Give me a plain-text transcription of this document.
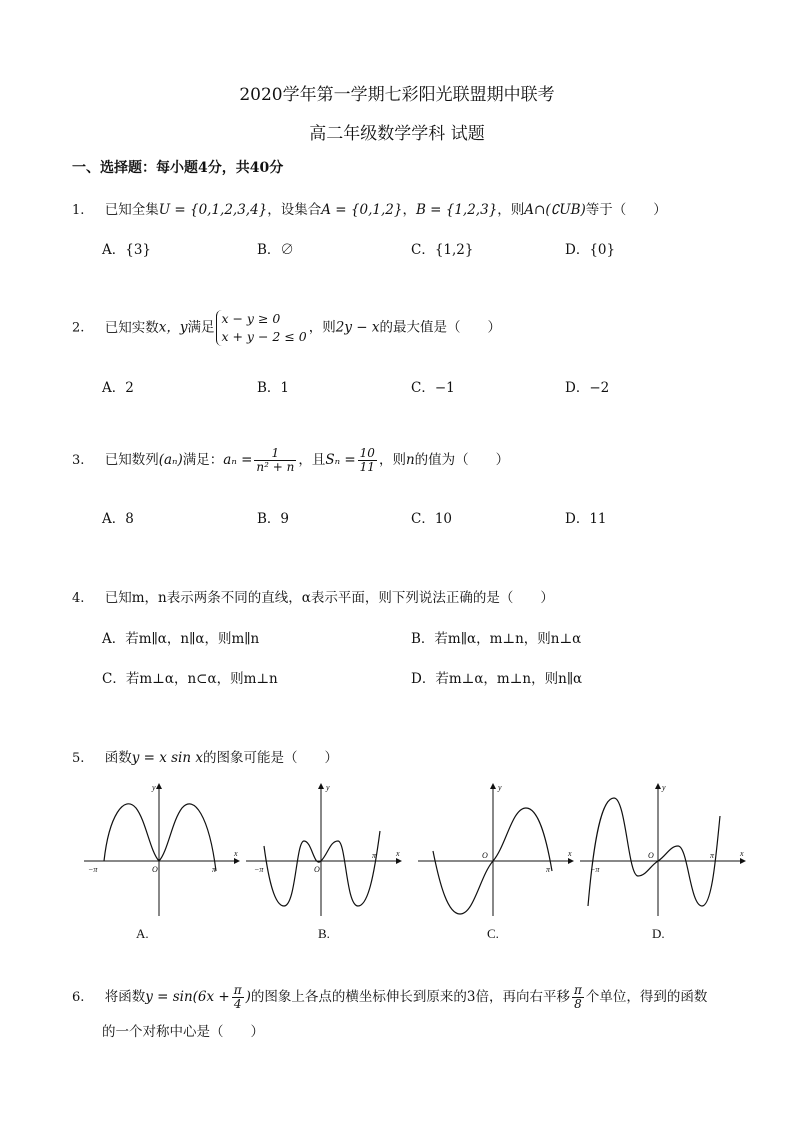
2020学年第一学期七彩阳光联盟期中联考
高二年级数学学科 试题
一、选择题：每小题4分，共40分
1. 已知全集U = {0,1,2,3,4}，设集合A = {0,1,2}，B = {1,2,3}，则A∩(∁UB)等于（　　）
A．{3}	B．∅	C．{1,2}	D．{0}
2. 已知实数x，y满足
x − y ≥ 0
x + y − 2 ≤ 0
，则2y − x的最大值是（　　）
A．2	B．1	C．−1	D．−2
3. 已知数列(aₙ)满足：$a_n = \frac{1}{\text{n² + n}}$ ，且$S_n = \frac{10}{11}$ ，则n的值为（　　）
A．8	B．9	C．10	D．11
4. 已知m，n表示两条不同的直线，α表示平面，则下列说法正确的是（　　）
A．若m∥α，n∥α，则m∥n	B．若m∥α，m⊥n，则n⊥α
C．若m⊥α，n⊂α，则m⊥n	D．若m⊥α，m⊥n，则n∥α
5. 函数y = x sin x的图象可能是（　　）
x
y
O
−π	π
A.
x
y
O
−π
π
B.
x
y
O
π
C.
x
y
O
−π
π
D.
6. 将函数$y = \sin(6x + \frac{\pi}{4}$ )的图象上各点的横坐标伸长到原来的3倍，再向右平移 $\frac{\pi}{8}$ 个单位，得到的函数
的一个对称中心是（　　）
